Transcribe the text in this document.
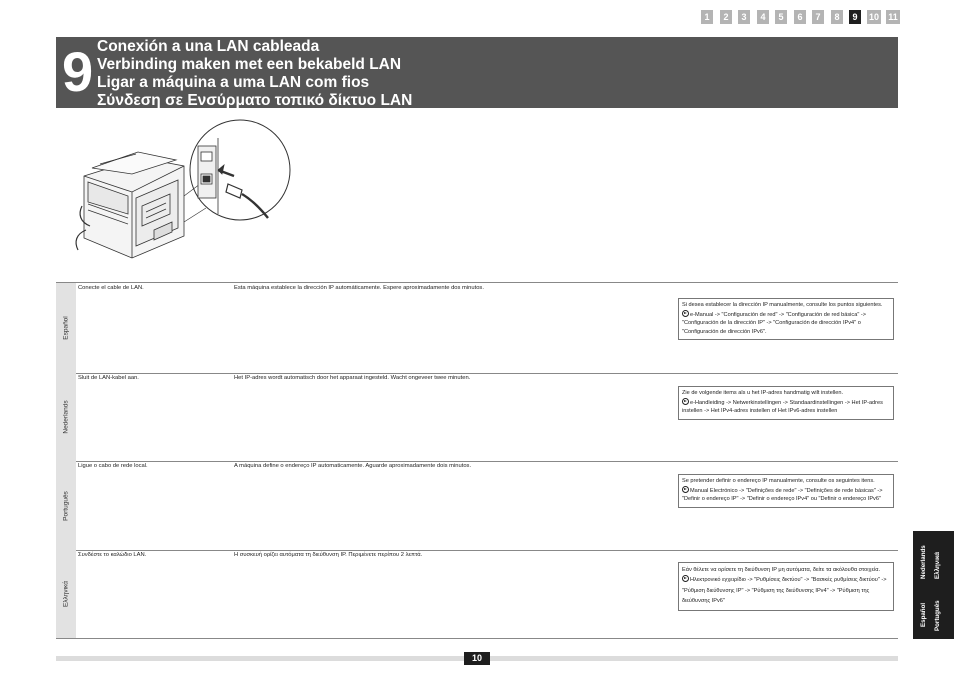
1	2	3	4	5	6	7	8	9	10 11
9 Conexión a una LAN cableada
Verbinding maken met een bekabeld LAN
Ligar a máquina a uma LAN com fios
Σύνδεση σε Ενσύρματο τοπικό δίκτυο LAN
Español
Conecte el cable de LAN.	Esta máquina establece la dirección IP automáticamente. Espere aproximadamente dos minutos.
Si desea establecer la dirección IP manualmente, consulte los puntos siguientes.
e-Manual -> "Configuración de red" -> "Configuración de red básica" -> "Configuración de la dirección IP" -> "Configuración de dirección IPv4" o "Configuración de dirección IPv6".
Nederlands
Sluit de LAN-kabel aan.	Het IP-adres wordt automatisch door het apparaat ingesteld. Wacht ongeveer twee minuten.
Zie de volgende items als u het IP-adres handmatig wilt instellen.
e-Handleiding -> Netwerkinstellingen -> Standaardinstellingen -> Het IP-adres instellen -> Het IPv4-adres instellen of Het IPv6-adres instellen
Português
Ligue o cabo de rede local.	A máquina define o endereço IP automaticamente. Aguarde aproximadamente dois minutos.
Se pretender definir o endereço IP manualmente, consulte os seguintes itens.
Manual Electrónico -> "Definições de rede" -> "Definições de rede básicas" -> "Definir o endereço IP" -> "Definir o endereço IPv4" ou "Definir o endereço IPv6"
Ελληνικά
Συνδέστε το καλώδιο LAN.	Η συσκευή ορίζει αυτόματα τη διεύθυνση IP. Περιμένετε περίπου 2 λεπτά.
Εάν θέλετε να ορίσετε τη διεύθυνση IP μη αυτόματα, δείτε τα ακόλουθα στοιχεία.
Ηλεκτρονικό εγχειρίδιο -> "Ρυθμίσεις δικτύου" -> "Βασικές ρυθμίσεις δικτύου" -> "Ρύθμιση διεύθυνσης IP" -> "Ρύθμιση της διεύθυνσης IPv4" -> "Ρύθμιση της διεύθυνσης IPv6"
Nederlands
Español
Ελληνικά
Português
10
